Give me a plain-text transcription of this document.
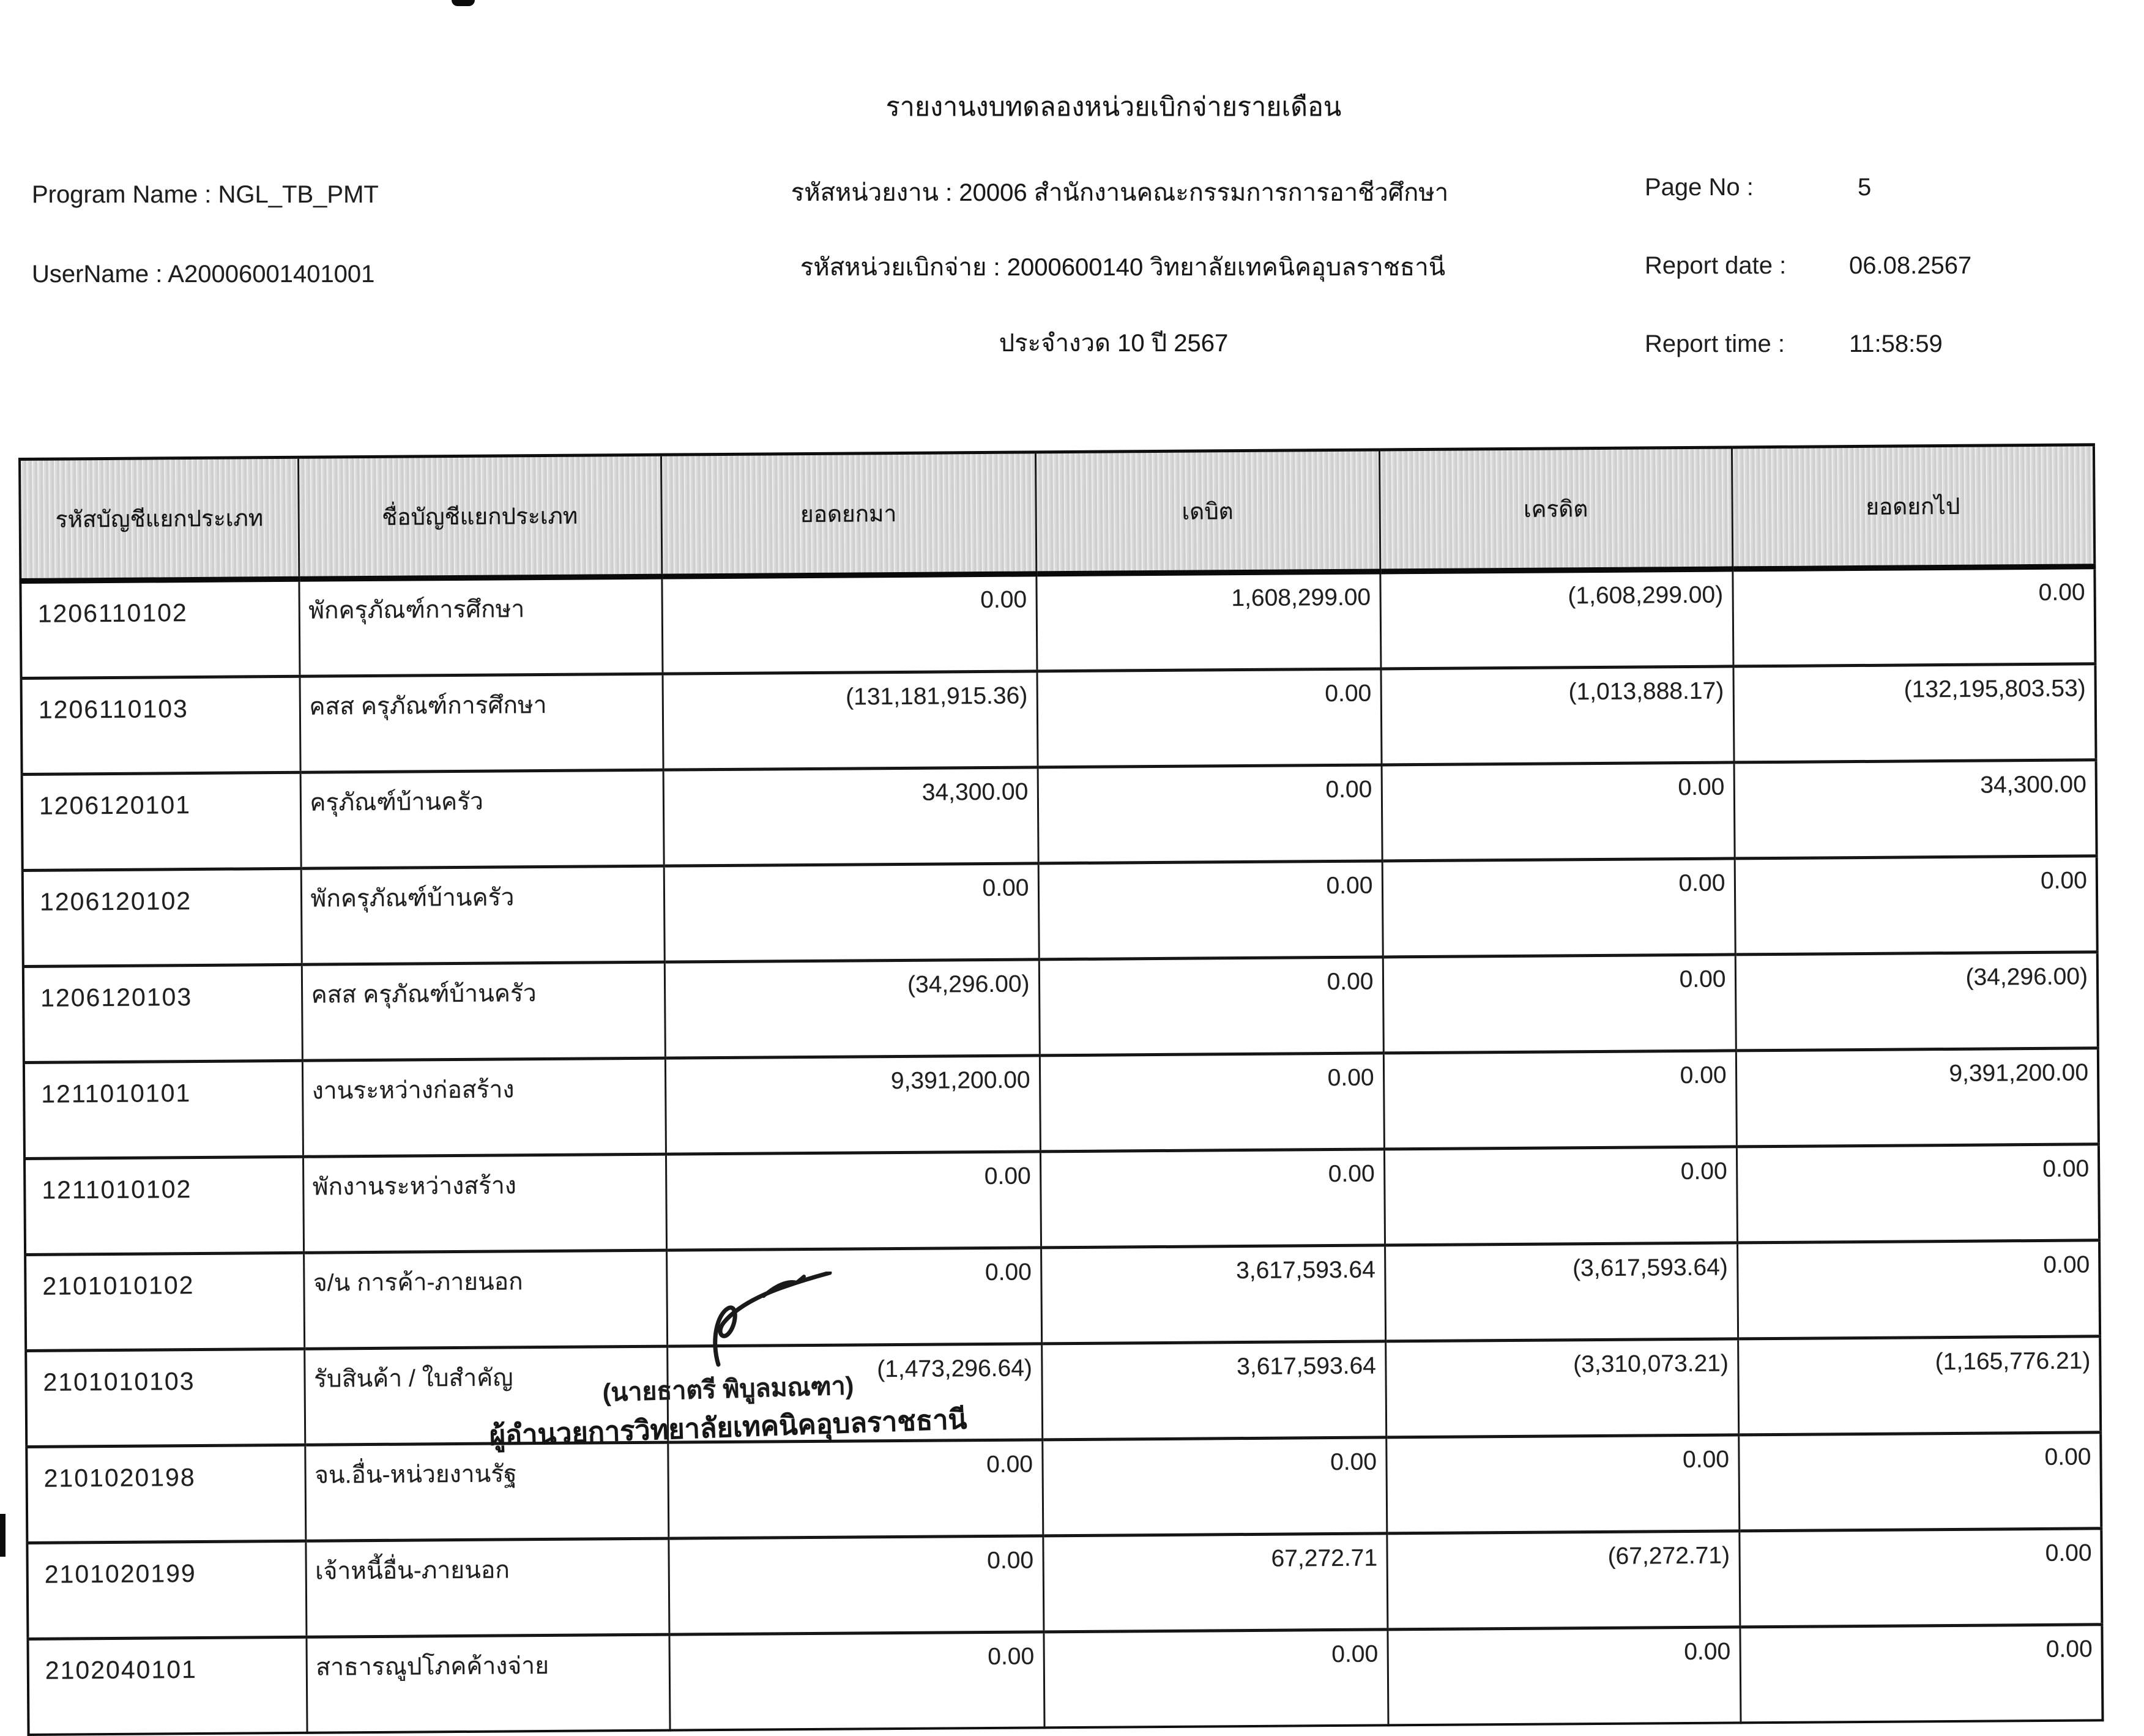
รายงานงบทดลองหน่วยเบิกจ่ายรายเดือน
Program Name : NGL_TB_PMT
UserName : A20006001401001
รหัสหน่วยงาน : 20006 สำนักงานคณะกรรมการการอาชีวศึกษา
รหัสหน่วยเบิกจ่าย : 2000600140 วิทยาลัยเทคนิคอุบลราชธานี
ประจำงวด 10 ปี 2567
Page No :	5
Report date :	06.08.2567
Report time :	11:58:59
รหัสบัญชีแยกประเภท	ชื่อบัญชีแยกประเภท	ยอดยกมา	เดบิต	เครดิต	ยอดยกไป
1206110102	พักครุภัณฑ์การศึกษา	0.00	1,608,299.00	(1,608,299.00)	0.00
1206110103	คสส ครุภัณฑ์การศึกษา	(131,181,915.36)	0.00	(1,013,888.17)	(132,195,803.53)
1206120101	ครุภัณฑ์บ้านครัว	34,300.00	0.00	0.00	34,300.00
1206120102	พักครุภัณฑ์บ้านครัว	0.00	0.00	0.00	0.00
1206120103	คสส ครุภัณฑ์บ้านครัว	(34,296.00)	0.00	0.00	(34,296.00)
1211010101	งานระหว่างก่อสร้าง	9,391,200.00	0.00	0.00	9,391,200.00
1211010102	พักงานระหว่างสร้าง	0.00	0.00	0.00	0.00
2101010102	จ/น การค้า-ภายนอก	0.00	3,617,593.64	(3,617,593.64)	0.00
2101010103	รับสินค้า / ใบสำคัญ	(1,473,296.64)	3,617,593.64	(3,310,073.21)	(1,165,776.21)
2101020198	จน.อื่น-หน่วยงานรัฐ	0.00	0.00	0.00	0.00
2101020199	เจ้าหนี้อื่น-ภายนอก	0.00	67,272.71	(67,272.71)	0.00
2102040101	สาธารณูปโภคค้างจ่าย	0.00	0.00	0.00	0.00
(นายธาตรี พิบูลมณฑา)
ผู้อำนวยการวิทยาลัยเทคนิคอุบลราชธานี
